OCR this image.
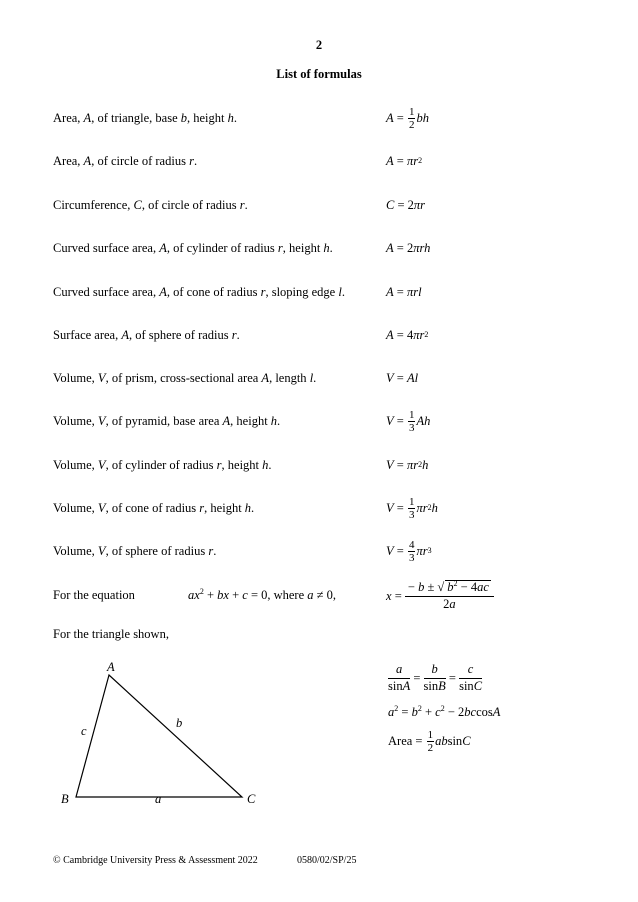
2
List of formulas
Area, A, of triangle, base b, height h.	$A = \frac{1}{2}$ bh
Area, A, of circle of radius r.	A = πr 2
Circumference, C, of circle of radius r.	C = 2 πr
Curved surface area, A, of cylinder of radius r, height h.	A = 2 πrh
Curved surface area, A, of cone of radius r, sloping edge l.	A = πrl
Surface area, A, of sphere of radius r.	A = 4 πr 2
Volume, V, of prism, cross-sectional area A, length l.	V = Al
Volume, V, of pyramid, base area A, height h.	$V = \frac{1}{3}$ Ah
Volume, V, of cylinder of radius r, height h.	V = πr 2 h
Volume, V, of cone of radius r, height h.	$V = \frac{1}{3}$ πr 2 h
Volume, V, of sphere of radius r.	$V = \frac{4}{3}$ πr 3
For the equation	$ax^2$ + bx + c = 0, where a ≠ 0,	$x = \frac{- b \pm √ b^2 - 4ac}{2a}$
For the triangle shown,
A
B	C
c
b
a
$\frac{a}{\sin A} = \frac{b}{\sin B} = \frac{c}{\sin C}$
$a^2 = b^2 + c^2 - 2bccosA$
Area = $\frac{1}{2}$ ab sin C
© Cambridge University Press & Assessment 2022	0580/02/SP/25
